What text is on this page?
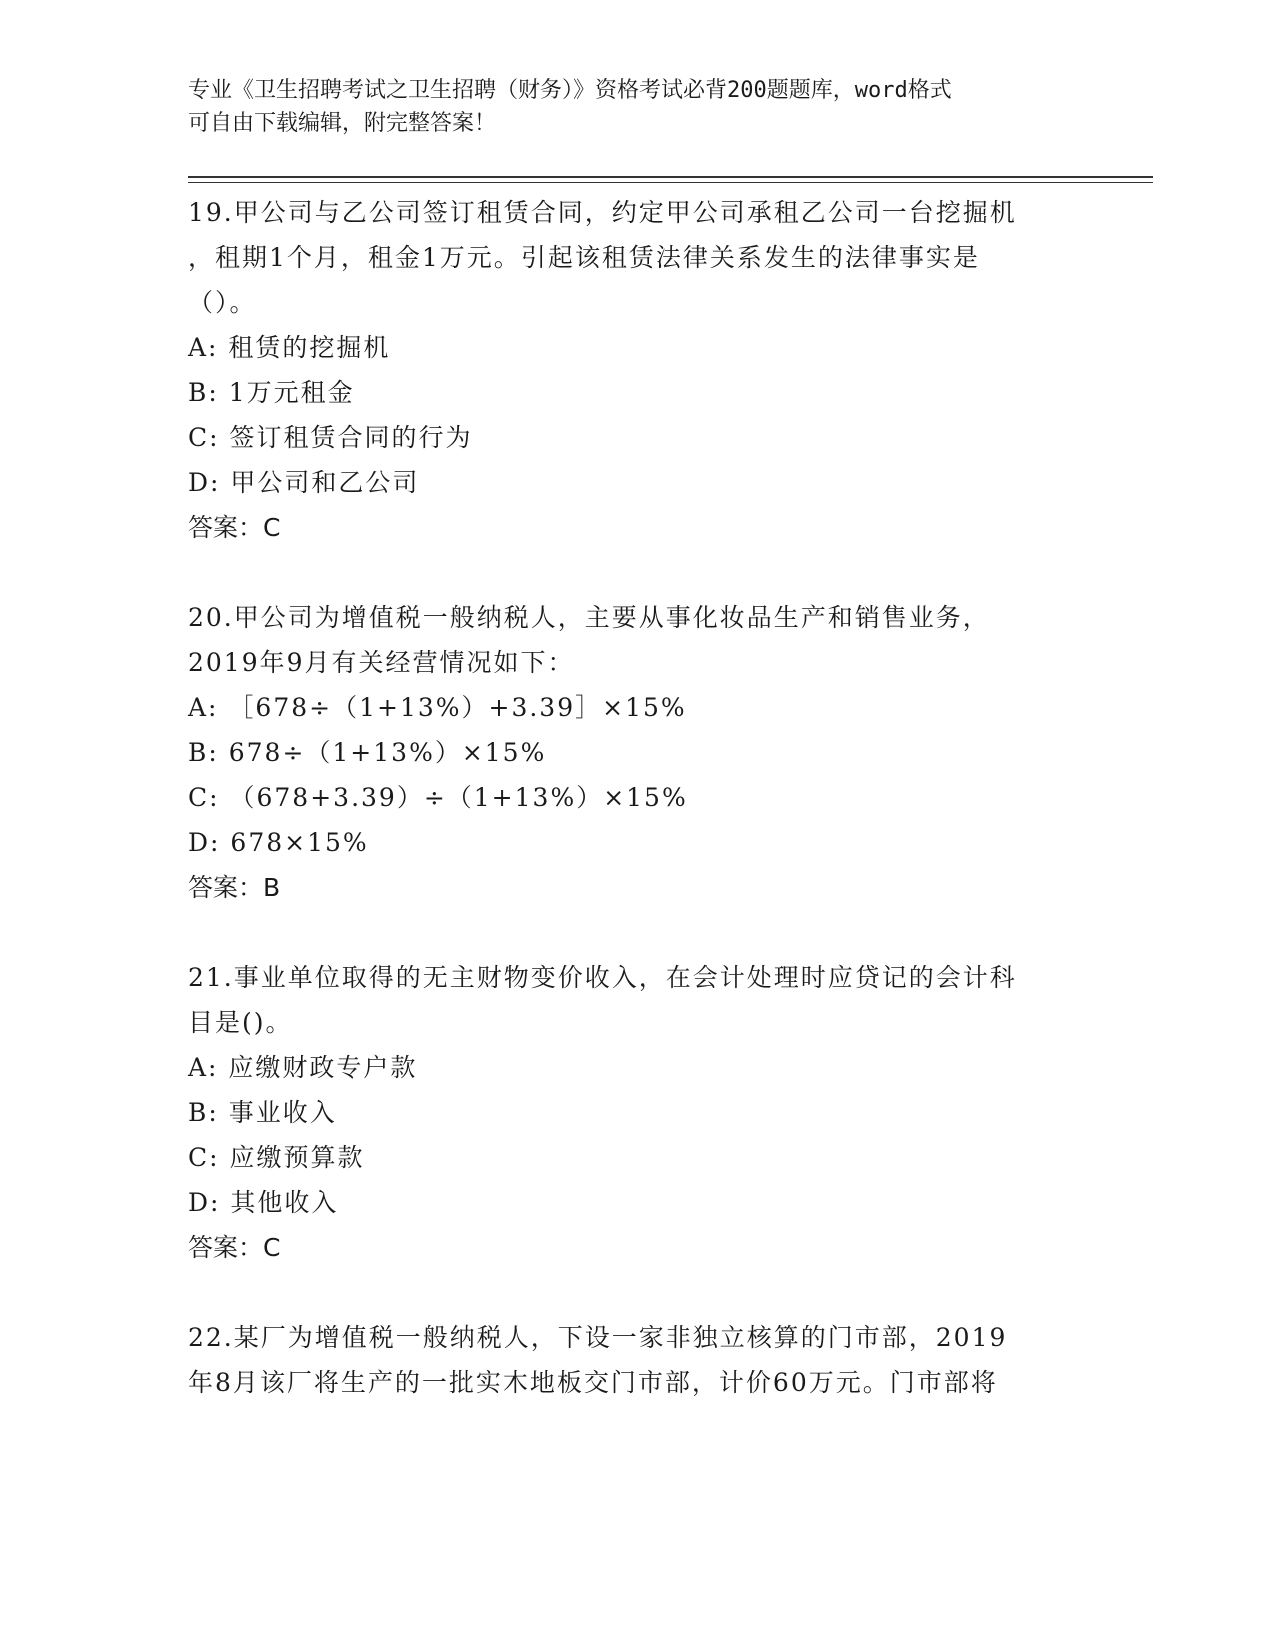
专业《卫生招聘考试之卫生招聘（财务）》资格考试必背200题题库，word格式
可自由下载编辑，附完整答案！
19.甲公司与乙公司签订租赁合同，约定甲公司承租乙公司一台挖掘机
，租期1个月，租金1万元。引起该租赁法律关系发生的法律事实是
（）。
A: 租赁的挖掘机
B: 1万元租金
C: 签订租赁合同的行为
D: 甲公司和乙公司
答案：C
20.甲公司为增值税一般纳税人，主要从事化妆品生产和销售业务，
2019年9月有关经营情况如下：
A: ［678÷（1+13%）+3.39］×15%
B: 678÷（1+13%）×15%
C: （678+3.39）÷（1+13%）×15%
D: 678×15%
答案：B
21.事业单位取得的无主财物变价收入，在会计处理时应贷记的会计科
目是()。
A: 应缴财政专户款
B: 事业收入
C: 应缴预算款
D: 其他收入
答案：C
22.某厂为增值税一般纳税人，下设一家非独立核算的门市部，2019
年8月该厂将生产的一批实木地板交门市部，计价60万元。门市部将
